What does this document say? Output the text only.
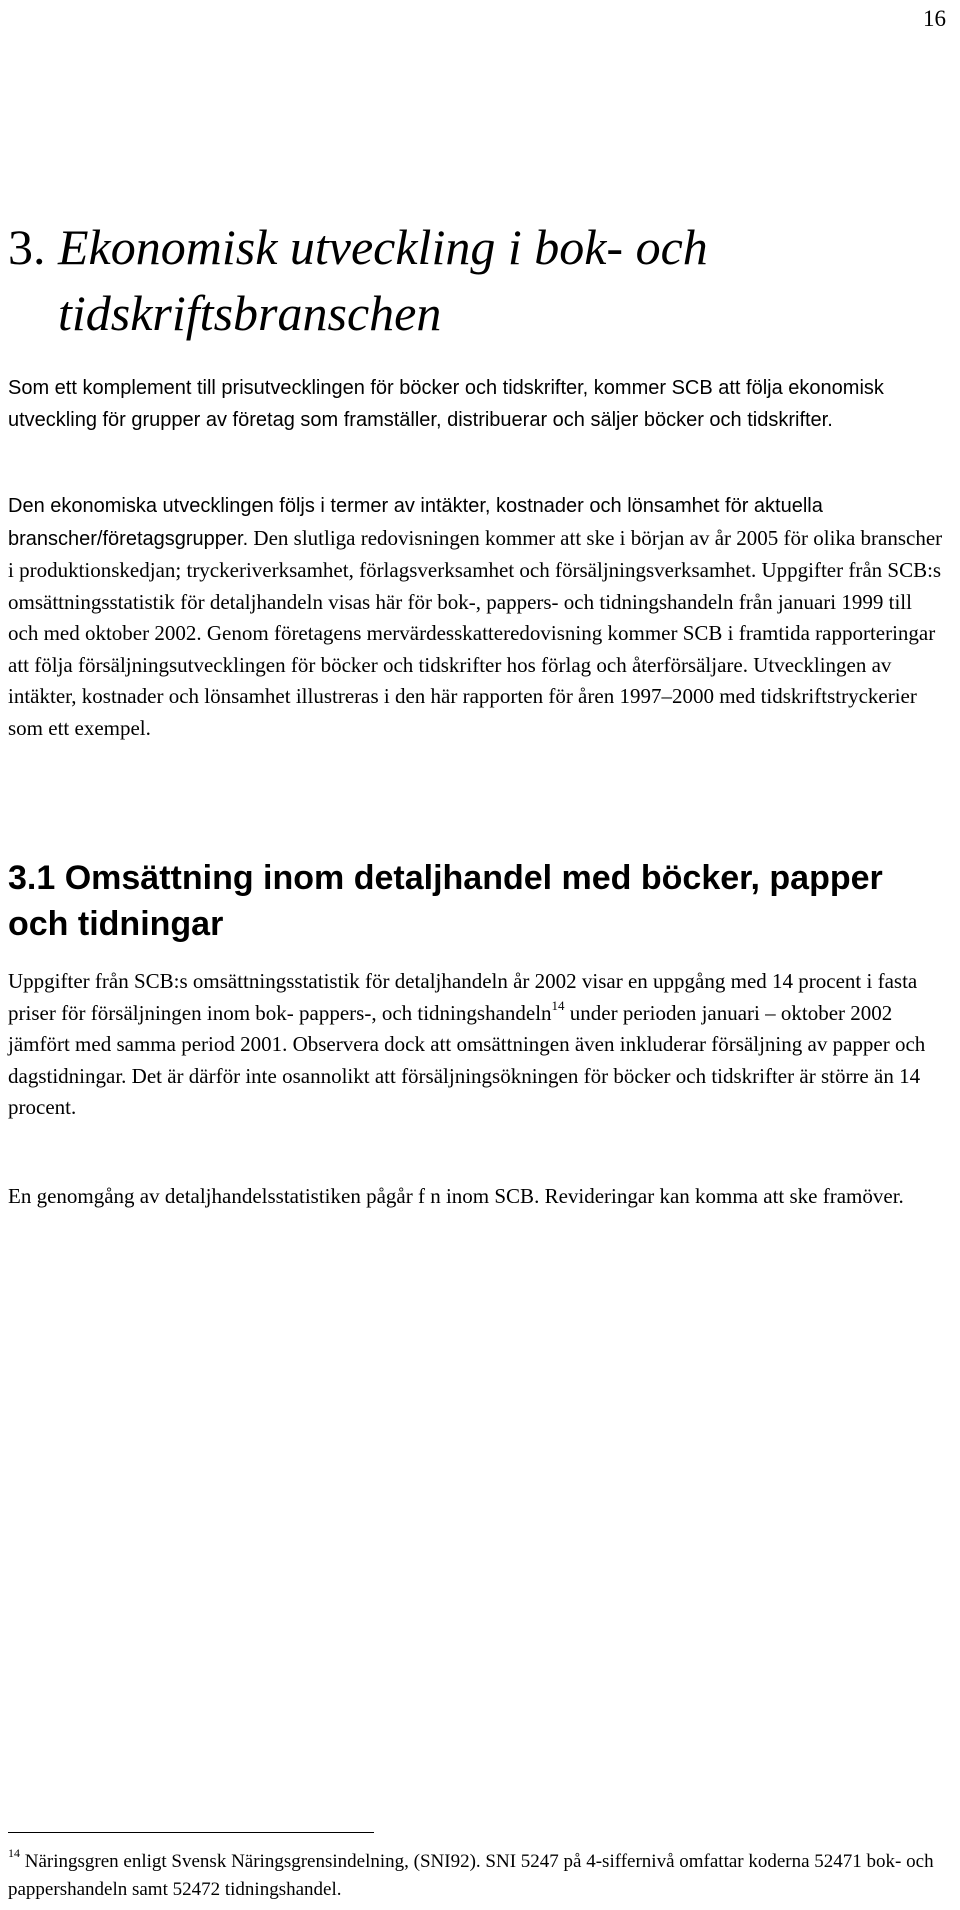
16
3. Ekonomisk utveckling i bok- och tidskriftsbranschen

Som ett komplement till prisutvecklingen för böcker och tidskrifter, kommer SCB att följa ekonomisk utveckling för grupper av företag som framställer, distribuerar och säljer böcker och tidskrifter.

Den ekonomiska utvecklingen följs i termer av intäkter, kostnader och lönsamhet för aktuella branscher/företagsgrupper. Den slutliga redovisningen kommer att ske i början av år 2005 för olika branscher i produktionskedjan; tryckeriverksamhet, förlagsverksamhet och försäljningsverksamhet. Uppgifter från SCB:s omsättningsstatistik för detaljhandeln visas här för bok-, pappers- och tidningshandeln från januari 1999 till och med oktober 2002. Genom företagens mervärdesskatteredovisning kommer SCB i framtida rapporteringar att följa försäljningsutvecklingen för böcker och tidskrifter hos förlag och återförsäljare. Utvecklingen av intäkter, kostnader och lönsamhet illustreras i den här rapporten för åren 1997–2000 med tidskriftstryckerier som ett exempel.

3.1 Omsättning inom detaljhandel med böcker, papper och tidningar

Uppgifter från SCB:s omsättningsstatistik för detaljhandeln år 2002 visar en uppgång med 14 procent i fasta priser för försäljningen inom bok- pappers-, och tidningshandeln$^{14}$ under perioden januari – oktober 2002 jämfört med samma period 2001. Observera dock att omsättningen även inkluderar försäljning av papper och dagstidningar. Det är därför inte osannolikt att försäljningsökningen för böcker och tidskrifter är större än 14 procent.

En genomgång av detaljhandelsstatistiken pågår f n inom SCB. Revideringar kan komma att ske framöver.

$^{14}$ Näringsgren enligt Svensk Näringsgrensindelning, (SNI92). SNI 5247 på 4-siffernivå omfattar koderna 52471 bok- och pappershandeln samt 52472 tidningshandel.
